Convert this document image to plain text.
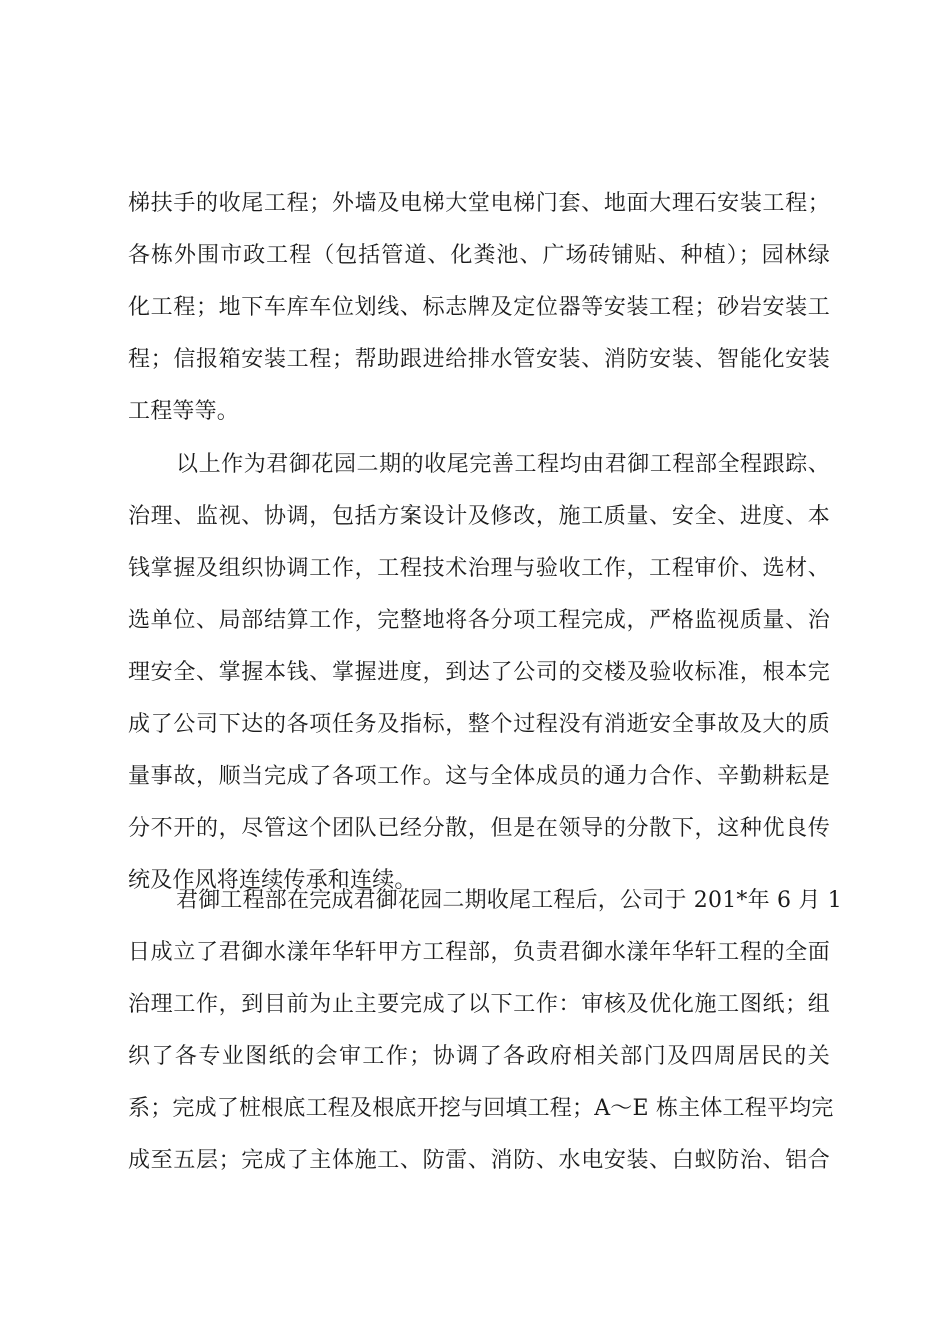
梯扶手的收尾工程；外墙及电梯大堂电梯门套、地面大理石安装工程；
各栋外围市政工程（包括管道、化粪池、广场砖铺贴、种植）；园林绿
化工程；地下车库车位划线、标志牌及定位器等安装工程；砂岩安装工
程；信报箱安装工程；帮助跟进给排水管安装、消防安装、智能化安装
工程等等。
以上作为君御花园二期的收尾完善工程均由君御工程部全程跟踪、
治理、监视、协调，包括方案设计及修改，施工质量、安全、进度、本
钱掌握及组织协调工作，工程技术治理与验收工作，工程审价、选材、
选单位、局部结算工作，完整地将各分项工程完成，严格监视质量、治
理安全、掌握本钱、掌握进度，到达了公司的交楼及验收标准，根本完
成了公司下达的各项任务及指标，整个过程没有消逝安全事故及大的质
量事故，顺当完成了各项工作。这与全体成员的通力合作、辛勤耕耘是
分不开的，尽管这个团队已经分散，但是在领导的分散下，这种优良传
统及作风将连续传承和连续。
君御工程部在完成君御花园二期收尾工程后，公司于 201*年 6 月 1
日成立了君御水漾年华轩甲方工程部，负责君御水漾年华轩工程的全面
治理工作，到目前为止主要完成了以下工作：审核及优化施工图纸；组
织了各专业图纸的会审工作；协调了各政府相关部门及四周居民的关
系；完成了桩根底工程及根底开挖与回填工程；A～E 栋主体工程平均完
成至五层；完成了主体施工、防雷、消防、水电安装、白蚁防治、铝合
